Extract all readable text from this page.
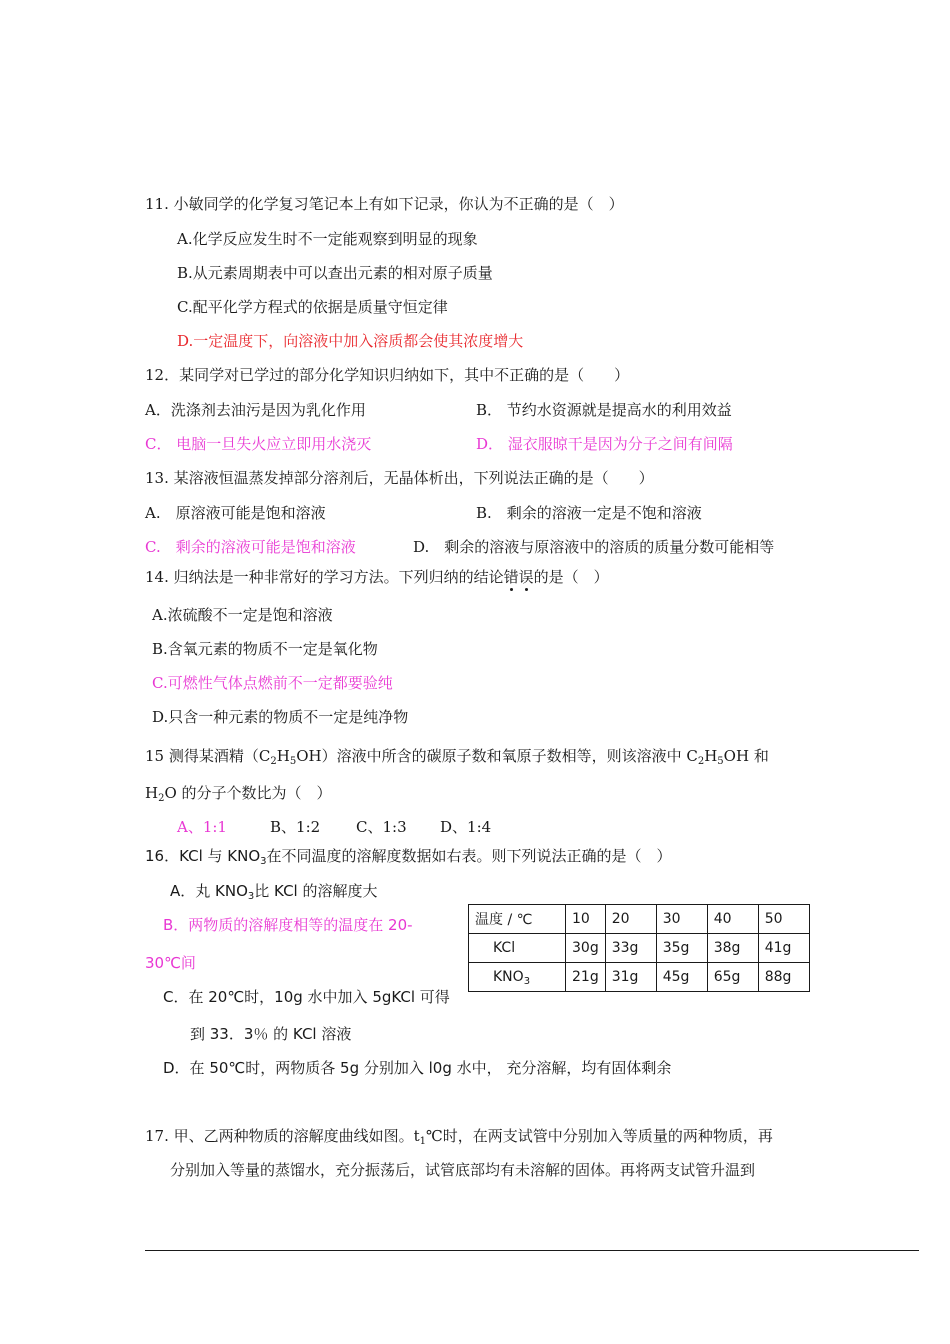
11. 小敏同学的化学复习笔记本上有如下记录，你认为不正确的是（　）
A.化学反应发生时不一定能观察到明显的现象
B.从元素周期表中可以查出元素的相对原子质量
C.配平化学方程式的依据是质量守恒定律
D.一定温度下，向溶液中加入溶质都会使其浓度增大
12．某同学对已学过的部分化学知识归纳如下，其中不正确的是（　　）
A．洗涤剂去油污是因为乳化作用	B． 节约水资源就是提高水的利用效益
C． 电脑一旦失火应立即用水浇灭	D． 湿衣服晾干是因为分子之间有间隔
13. 某溶液恒温蒸发掉部分溶剂后，无晶体析出，下列说法正确的是（　　）
A.　原溶液可能是饱和溶液	B.　剩余的溶液一定是不饱和溶液
C.　剩余的溶液可能是饱和溶液	D.　剩余的溶液与原溶液中的溶质的质量分数可能相等
14. 归纳法是一种非常好的学习方法。下列归纳的结论错误的是（　）
A.浓硫酸不一定是饱和溶液
B.含氧元素的物质不一定是氧化物
C.可燃性气体点燃前不一定都要验纯
D.只含一种元素的物质不一定是纯净物
15 测得某酒精$(C_2H_5OH)$溶液中所含的碳原子数和氧原子数相等，则该溶液中 $C_2H_5OH$ 和
$H_2O$ 的分子个数比为（　）
A、1:1	B、1:2 C、1:3 D、1:4
16．KCl 与 $KNO_3$在不同温度的溶解度数据如右表。则下列说法正确的是（　）
A．丸 $KNO_3$比 KCl 的溶解度大
B．两物质的溶解度相等的温度在 20-
30℃间
C．在 20℃时，10g 水中加入 5gKCl 可得
到 33．3％ 的 KCl 溶液
D．在 50℃时，两物质各 5g 分别加入 l0g 水中， 充分溶解，均有固体剩余
温度 / ℃	10	20	30	40	50
KCl	30g	33g	35g	38g	41g
$KNO_3$	21g	31g	45g	65g	88g
17. 甲、乙两种物质的溶解度曲线如图。$t_1℃$时，在两支试管中分别加入等质量的两种物质，再
分别加入等量的蒸馏水，充分振荡后，试管底部均有未溶解的固体。再将两支试管升温到
